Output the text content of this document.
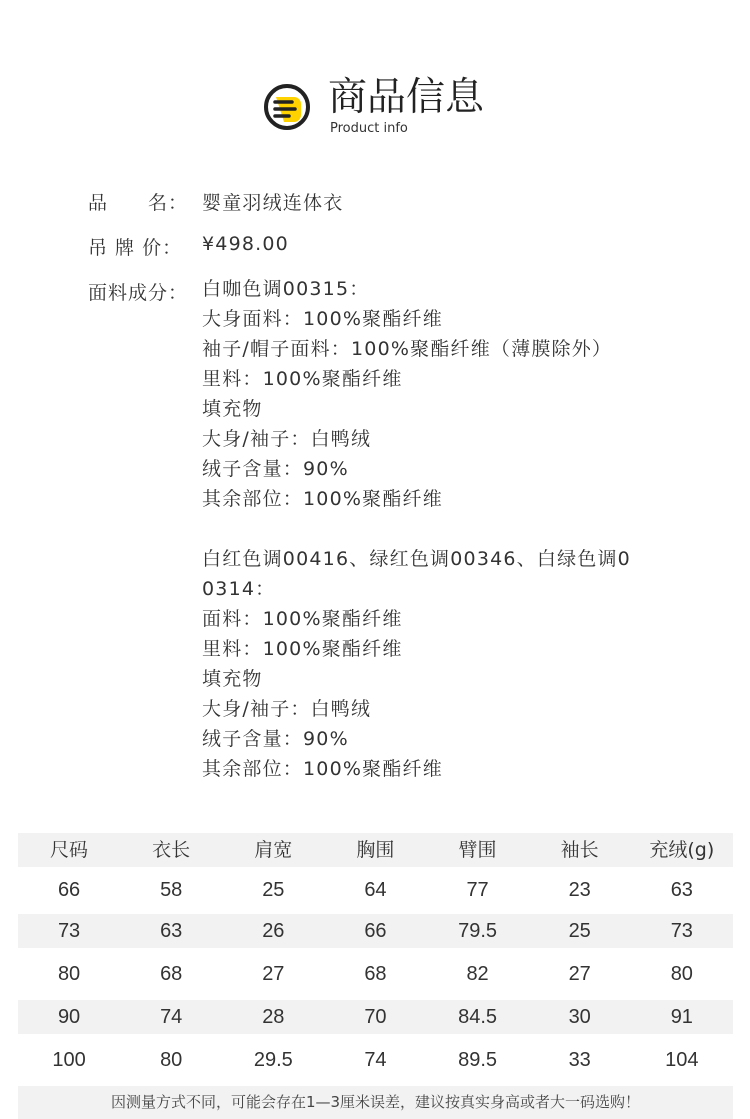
商品信息
Product info
品　　名： 婴童羽绒连体衣
吊 牌 价： ¥498.00
面料成分： 白咖色调00315：
大身面料：100%聚酯纤维
袖子/帽子面料：100%聚酯纤维（薄膜除外）
里料：100%聚酯纤维
填充物
大身/袖子：白鸭绒
绒子含量：90%
其余部位：100%聚酯纤维
白红色调00416、绿红色调00346、白绿色调0
0314：
面料：100%聚酯纤维
里料：100%聚酯纤维
填充物
大身/袖子：白鸭绒
绒子含量：90%
其余部位：100%聚酯纤维
尺码	衣长	肩宽	胸围	臂围	袖长	充绒(g)
66	58	25	64	77	23	63
73	63	26	66	79.5	25	73
80	68	27	68	82	27	80
90	74	28	70	84.5	30	91
100	80	29.5	74	89.5	33	104
因测量方式不同，可能会存在1—3厘米误差，建议按真实身高或者大一码选购！
